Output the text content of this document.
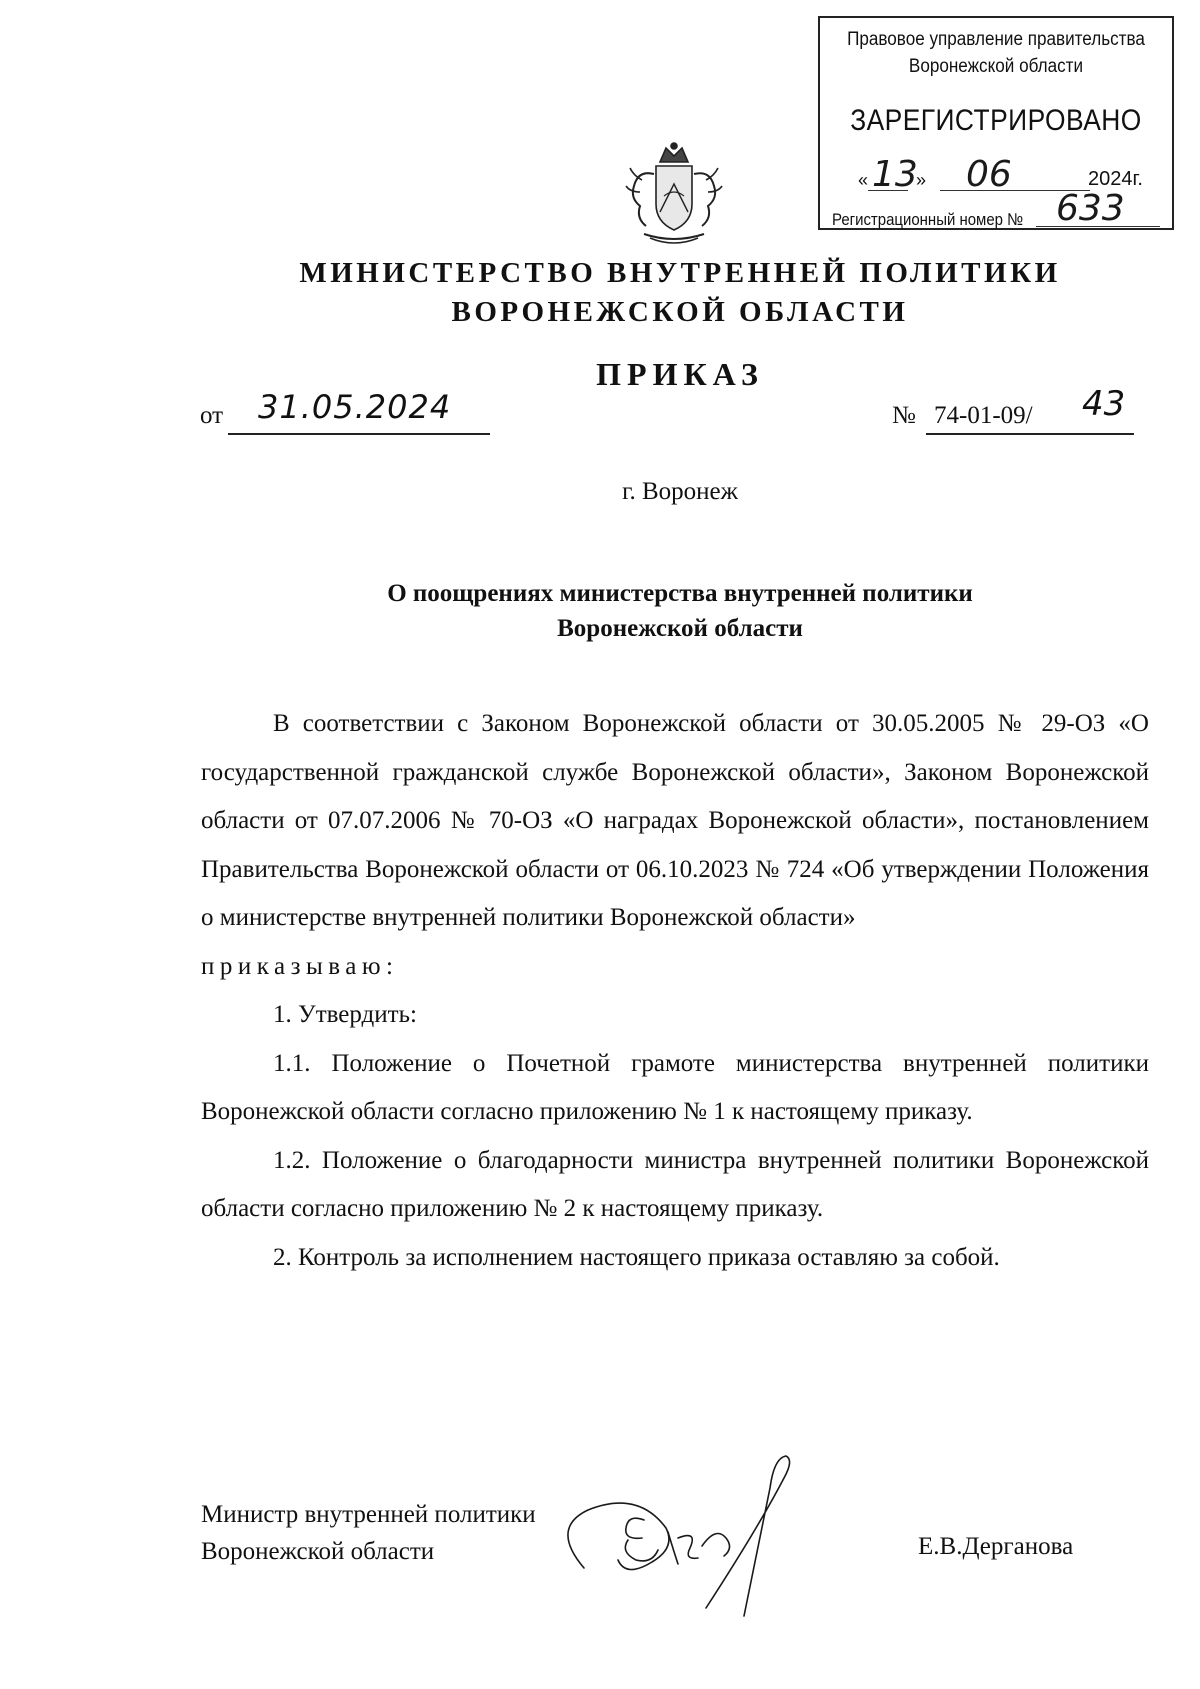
Правовое управление правительства
Воронежской области
ЗАРЕГИСТРИРОВАНО
« 13
» 06	2024г.
Регистрационный номер № 633
МИНИСТЕРСТВО ВНУТРЕННЕЙ ПОЛИТИКИ
ВОРОНЕЖСКОЙ ОБЛАСТИ
ПРИКАЗ
от 31.05.2024	№ 74-01-09/ 43
г. Воронеж
О поощрениях министерства внутренней политики
Воронежской области

В соответствии с Законом Воронежской области от 30.05.2005 № 29-ОЗ «О государственной гражданской службе Воронежской области», Законом Воронежской области от 07.07.2006 № 70-ОЗ «О наградах Воронежской области», постановлением Правительства Воронежской области от 06.10.2023 № 724 «Об утверждении Положения о министерстве внутренней политики Воронежской области»

приказываю:

1. Утвердить:

1.1. Положение о Почетной грамоте министерства внутренней политики Воронежской области согласно приложению № 1 к настоящему приказу.

1.2. Положение о благодарности министра внутренней политики Воронежской области согласно приложению № 2 к настоящему приказу.

2. Контроль за исполнением настоящего приказа оставляю за собой.

Министр внутренней политики
Воронежской области	Е.В.Дерганова
